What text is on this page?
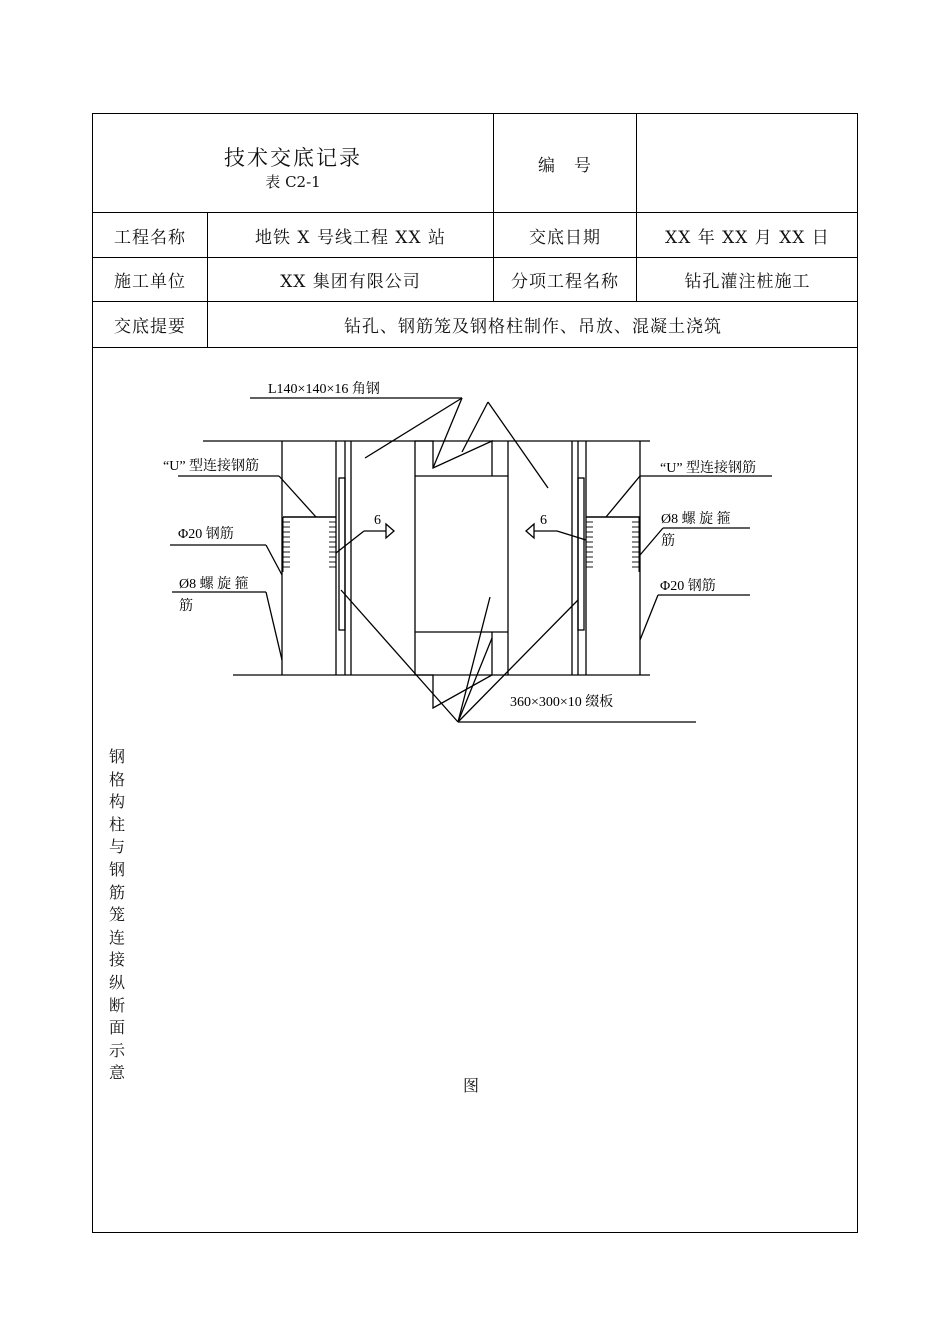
技术交底记录
表 C2-1
编　号
工程名称	地铁 X 号线工程 XX 站	交底日期	XX 年 XX 月 XX 日
施工单位	XX 集团有限公司	分项工程名称	钻孔灌注桩施工
交底提要	钻孔、钢筋笼及钢格柱制作、吊放、混凝土浇筑
钢格构柱与钢筋笼连接纵断面示意
图
L140×140×16 角钢
“U” 型连接钢筋
Φ20 钢筋
Ø8 螺 旋 箍
筋
6	6
“U” 型连接钢筋
Ø8 螺 旋 箍
筋
Φ20 钢筋
360×300×10 缀板
